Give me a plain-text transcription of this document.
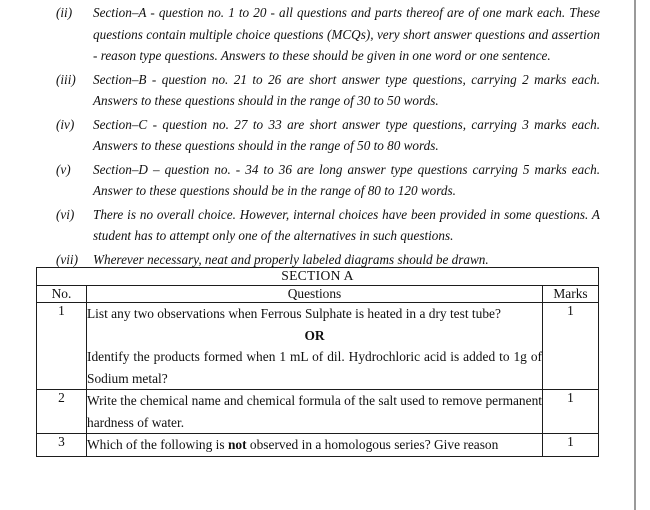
(ii)	Section–A - question no. 1 to 20 - all questions and parts thereof are of one mark each. These questions contain multiple choice questions (MCQs), very short answer questions and assertion - reason type questions. Answers to these should be given in one word or one sentence.
(iii)	Section–B - question no. 21 to 26 are short answer type questions, carrying 2 marks each. Answers to these questions should in the range of 30 to 50 words.
(iv)	Section–C - question no. 27 to 33 are short answer type questions, carrying 3 marks each. Answers to these questions should in the range of 50 to 80 words.
(v)	Section–D – question no. - 34 to 36 are long answer type questions carrying 5 marks each. Answer to these questions should be in the range of 80 to 120 words.
(vi)	There is no overall choice. However, internal choices have been provided in some questions. A student has to attempt only one of the alternatives in such questions.
(vii)	Wherever necessary, neat and properly labeled diagrams should be drawn.
SECTION A		
No.	Questions	Marks
1	List any two observations when Ferrous Sulphate is heated in a dry test tube?
OR
Identify the products formed when 1 mL of dil. Hydrochloric acid is added to 1g of Sodium metal?	1
2	Write the chemical name and chemical formula of the salt used to remove permanent hardness of water.	1
3	Which of the following is not observed in a homologous series? Give reason	1
